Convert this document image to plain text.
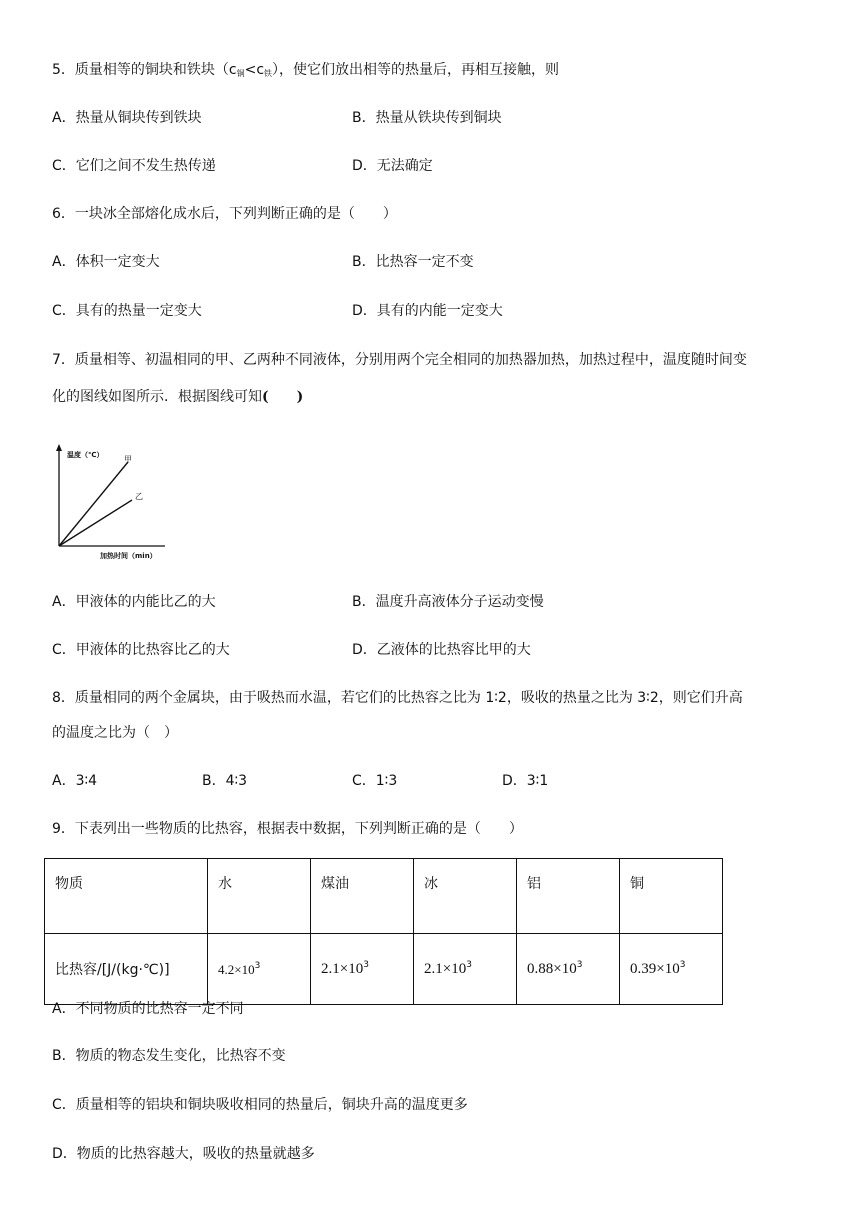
5．质量相等的铜块和铁块$(c_铜<c_铁)$，使它们放出相等的热量后，再相互接触，则
A．热量从铜块传到铁块	B．热量从铁块传到铜块
C．它们之间不发生热传递	D．无法确定
6．一块冰全部熔化成水后，下列判断正确的是（　　）
A．体积一定变大	B．比热容一定不变
C．具有的热量一定变大	D．具有的内能一定变大
7．质量相等、初温相同的甲、乙两种不同液体，分别用两个完全相同的加热器加热，加热过程中，温度随时间变
化的图线如图所示．根据图线可知(　　)
温度（℃）	甲
乙
加热时间（min）
A．甲液体的内能比乙的大	B．温度升高液体分子运动变慢
C．甲液体的比热容比乙的大	D．乙液体的比热容比甲的大
8．质量相同的两个金属块，由于吸热而水温，若它们的比热容之比为 1∶2，吸收的热量之比为 3∶2，则它们升高
的温度之比为（　）
A．3∶4	B．4∶3	C．1∶3	D．3∶1
9．下表列出一些物质的比热容，根据表中数据，下列判断正确的是（　　）
物质	水	煤油	冰	铝	铜
比热容/[J/(kg·℃)]	$4.2\times 10^3$	$2.1\times 10^3$	$2.1\times 10^3$	$0.88\times 10^3$	$0.39\times 10^3$
A．不同物质的比热容一定不同
B．物质的物态发生变化，比热容不变
C．质量相等的铝块和铜块吸收相同的热量后，铜块升高的温度更多
D．物质的比热容越大，吸收的热量就越多
